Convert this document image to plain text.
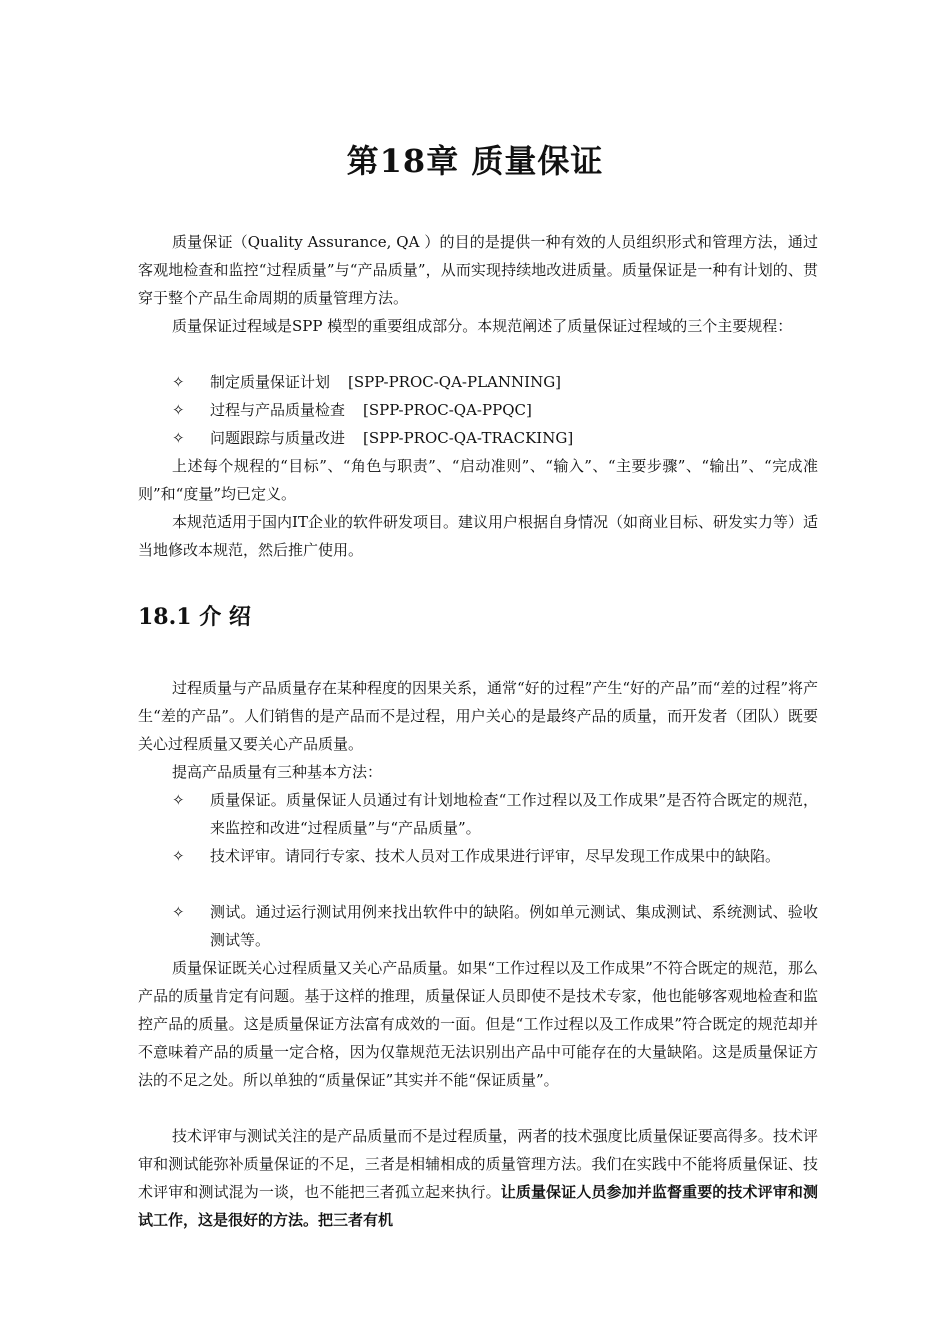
第18章 质量保证
质量保证（Quality Assurance, QA ）的目的是提供一种有效的人员组织形式和管理方法，通过客观地检查和监控“过程质量”与“产品质量”，从而实现持续地改进质量。质量保证是一种有计划的、贯穿于整个产品生命周期的质量管理方法。
质量保证过程域是SPP 模型的重要组成部分。本规范阐述了质量保证过程域的三个主要规程：
✧ 制定质量保证计划 [SPP-PROC-QA-PLANNING]
✧ 过程与产品质量检查 [SPP-PROC-QA-PPQC]
✧ 问题跟踪与质量改进 [SPP-PROC-QA-TRACKING]
上述每个规程的“目标”、“角色与职责”、“启动准则”、“输入”、“主要步骤”、“输出”、“完成准则”和“度量”均已定义。
本规范适用于国内IT企业的软件研发项目。建议用户根据自身情况（如商业目标、研发实力等）适当地修改本规范，然后推广使用。
18.1 介 绍
过程质量与产品质量存在某种程度的因果关系，通常“好的过程”产生“好的产品”而“差的过程”将产生“差的产品”。人们销售的是产品而不是过程，用户关心的是最终产品的质量，而开发者（团队）既要关心过程质量又要关心产品质量。
提高产品质量有三种基本方法：
✧ 质量保证。质量保证人员通过有计划地检查“工作过程以及工作成果”是否符合既定的规范，来监控和改进“过程质量”与“产品质量”。
✧ 技术评审。请同行专家、技术人员对工作成果进行评审，尽早发现工作成果中的缺陷。
✧ 测试。通过运行测试用例来找出软件中的缺陷。例如单元测试、集成测试、系统测试、验收测试等。
质量保证既关心过程质量又关心产品质量。如果“工作过程以及工作成果”不符合既定的规范，那么产品的质量肯定有问题。基于这样的推理，质量保证人员即使不是技术专家，他也能够客观地检查和监控产品的质量。这是质量保证方法富有成效的一面。但是“工作过程以及工作成果”符合既定的规范却并不意味着产品的质量一定合格，因为仅靠规范无法识别出产品中可能存在的大量缺陷。这是质量保证方法的不足之处。所以单独的“质量保证”其实并不能“保证质量”。
技术评审与测试关注的是产品质量而不是过程质量，两者的技术强度比质量保证要高得多。技术评审和测试能弥补质量保证的不足，三者是相辅相成的质量管理方法。我们在实践中不能将质量保证、技术评审和测试混为一谈，也不能把三者孤立起来执行。让质量保证人员参加并监督重要的技术评审和测试工作，这是很好的方法。把三者有机
